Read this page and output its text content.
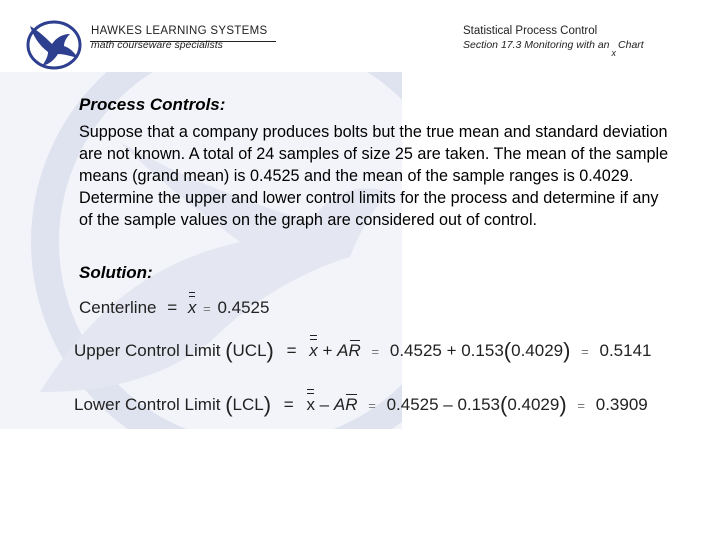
HAWKES LEARNING SYSTEMS
math courseware specialists
Statistical Process Control
Section 17.3 Monitoring with anxChart
Process Controls:
Suppose that a company produces bolts but the true mean and standard deviation are not known. A total of 24 samples of size 25 are taken. The mean of the sample means (grand mean) is 0.4525 and the mean of the sample ranges is 0.4029. Determine the upper and lower control limits for the process and determine if any of the sample values on the graph are considered out of control.
Solution:
Centerline = x = 0.4525
Upper Control Limit (UCL) = x + AR = 0.4525 + 0.153(0.4029) = 0.5141
Lower Control Limit (LCL) = x – AR = 0.4525 – 0.153(0.4029) = 0.3909
